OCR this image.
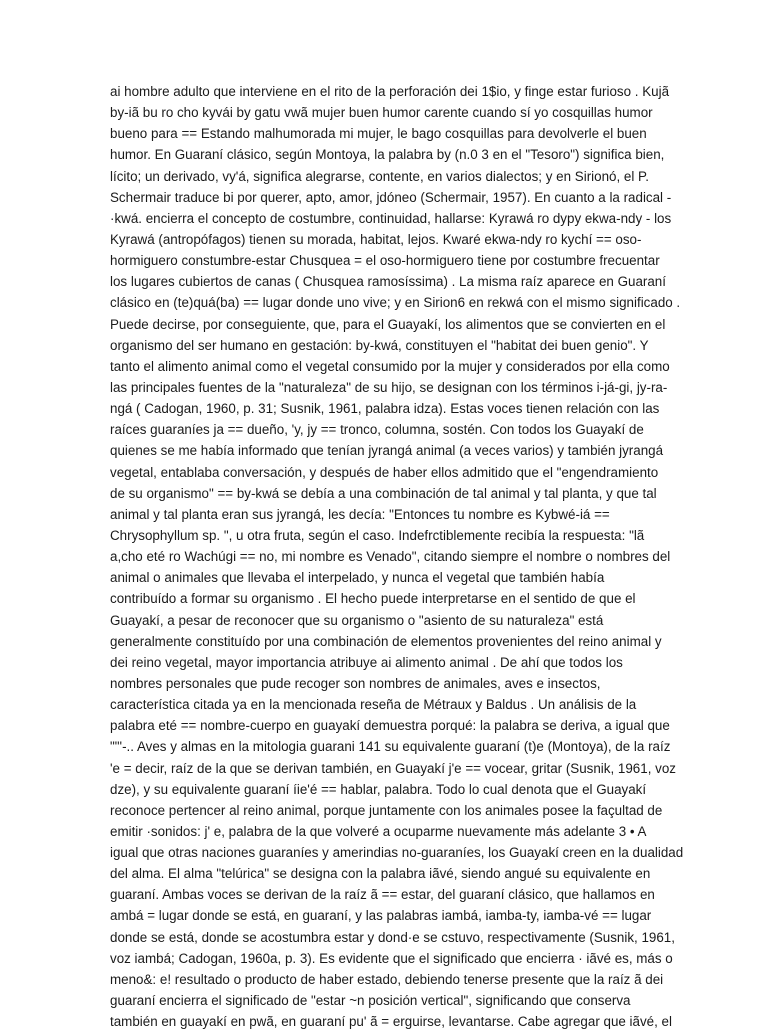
ai hombre adulto que interviene en el rito de la perforación dei 1$io, y finge estar furioso . Kujã
by-iã bu ro cho kyvái by gatu vwã mujer buen humor carente cuando sí yo cosquillas humor
bueno para == Estando malhumorada mi mujer, le bago cosquillas para devolverle el buen
humor. En Guaraní clásico, según Montoya, la palabra by (n.0 3 en el "Tesoro") significa bien,
lícito; un derivado, vy'á, significa alegrarse, contente, en varios dialectos; y en Sirionó, el P.
Schermair traduce bi por querer, apto, amor, jdóneo (Schermair, 1957). En cuanto a la radical -
·kwá. encierra el concepto de costumbre, continuidad, hallarse: Kyrawá ro dypy ekwa-ndy - los
Kyrawá (antropófagos) tienen su morada, habitat, lejos. Kwaré ekwa-ndy ro kychí == oso-
hormiguero constumbre-estar Chusquea = el oso-hormiguero tiene por costumbre frecuentar
los lugares cubiertos de canas ( Chusquea ramosíssima) . La misma raíz aparece en Guaraní
clásico en (te)quá(ba) == lugar donde uno vive; y en Sirion6 en rekwá con el mismo significado .
Puede decirse, por conseguiente, que, para el Guayakí, los alimentos que se convierten en el
organismo del ser humano en gestación: by-kwá, constituyen el "habitat dei buen genio". Y
tanto el alimento animal como el vegetal consumido por la mujer y considerados por ella como
las principales fuentes de la "naturaleza" de su hijo, se designan con los términos i-já-gi, jy-ra-
ngá ( Cadogan, 1960, p. 31; Susnik, 1961, palabra idza). Estas voces tienen relación con las
raíces guaraníes ja == dueño, 'y, jy == tronco, columna, sostén. Con todos los Guayakí de
quienes se me había informado que tenían jyrangá animal (a veces varios) y también jyrangá
vegetal, entablaba conversación, y después de haber ellos admitido que el "engendramiento
de su organismo" == by-kwá se debía a una combinación de tal animal y tal planta, y que tal
animal y tal planta eran sus jyrangá, les decía: "Entonces tu nombre es Kybwé-iá ==
Chrysophyllum sp. ", u otra fruta, según el caso. Indefrctiblemente recibía la respuesta: "lã
a,cho eté ro Wachúgi == no, mi nombre es Venado", citando siempre el nombre o nombres del
animal o animales que llevaba el interpelado, y nunca el vegetal que también había
contribuído a formar su organismo . El hecho puede interpretarse en el sentido de que el
Guayakí, a pesar de reconocer que su organismo o "asiento de su naturaleza" está
generalmente constituído por una combinación de elementos provenientes del reino animal y
dei reino vegetal, mayor importancia atribuye ai alimento animal . De ahí que todos los
nombres personales que pude recoger son nombres de animales, aves e insectos,
característica citada ya en la mencionada reseña de Métraux y Baldus . Un análisis de la
palabra eté == nombre-cuerpo en guayakí demuestra porqué: la palabra se deriva, a igual que
""'-.. Aves y almas en la mitologia guarani 141 su equivalente guaraní (t)e (Montoya), de la raíz
'e = decir, raíz de la que se derivan también, en Guayakí j'e == vocear, gritar (Susnik, 1961, voz
dze), y su equivalente guaraní íie'é == hablar, palabra. Todo lo cual denota que el Guayakí
reconoce pertencer al reino animal, porque juntamente con los animales posee la façultad de
emitir ·sonidos: j' e, palabra de la que volveré a ocuparme nuevamente más adelante 3 • A
igual que otras naciones guaraníes y amerindias no-guaraníes, los Guayakí creen en la dualidad
del alma. El alma "telúrica" se designa con la palabra iãvé, siendo angué su equivalente en
guaraní. Ambas voces se derivan de la raíz ã == estar, del guaraní clásico, que hallamos en
ambá = lugar donde se está, en guaraní, y las palabras iambá, iamba-ty, iamba-vé == lugar
donde se está, donde se acostumbra estar y dond·e se cstuvo, respectivamente (Susnik, 1961,
voz iambá; Cadogan, 1960a, p. 3). Es evidente que el significado que encierra · iãvé es, más o
meno&: e! resultado o producto de haber estado, debiendo tenerse presente que la raíz ã dei
guaraní encierra el significado de "estar ~n posición vertical", significando que conserva
también en guayakí en pwã, en guaraní pu' ã = erguirse, levantarse. Cabe agregar que iãvé, el
